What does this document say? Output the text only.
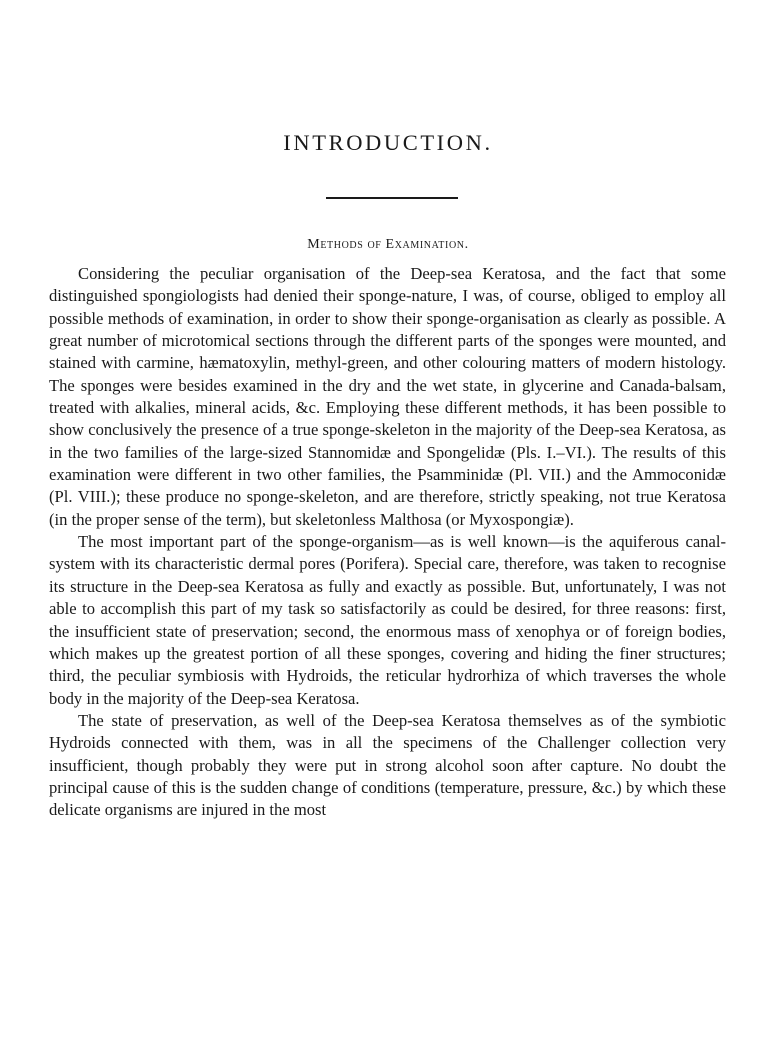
INTRODUCTION.
Methods of Examination.

Considering the peculiar organisation of the Deep-sea Keratosa, and the fact that some distinguished spongiologists had denied their sponge-nature, I was, of course, obliged to employ all possible methods of examination, in order to show their sponge-organisation as clearly as possible. A great number of microtomical sections through the different parts of the sponges were mounted, and stained with carmine, hæmatoxylin, methyl-green, and other colouring matters of modern histology. The sponges were besides examined in the dry and the wet state, in glycerine and Canada-balsam, treated with alkalies, mineral acids, &c. Employing these different methods, it has been possible to show conclusively the presence of a true sponge-skeleton in the majority of the Deep-sea Keratosa, as in the two families of the large-sized Stannomidæ and Spongelidæ (Pls. I.–VI.). The results of this examination were different in two other families, the Psamminidæ (Pl. VII.) and the Ammoconidæ (Pl. VIII.); these produce no sponge-skeleton, and are therefore, strictly speaking, not true Keratosa (in the proper sense of the term), but skeletonless Malthosa (or Myxospongiæ).

The most important part of the sponge-organism—as is well known—is the aquiferous canal-system with its characteristic dermal pores (Porifera). Special care, therefore, was taken to recognise its structure in the Deep-sea Keratosa as fully and exactly as possible. But, unfortunately, I was not able to accomplish this part of my task so satisfactorily as could be desired, for three reasons: first, the insufficient state of preservation; second, the enormous mass of xenophya or of foreign bodies, which makes up the greatest portion of all these sponges, covering and hiding the finer structures; third, the peculiar symbiosis with Hydroids, the reticular hydrorhiza of which traverses the whole body in the majority of the Deep-sea Keratosa.

The state of preservation, as well of the Deep-sea Keratosa themselves as of the symbiotic Hydroids connected with them, was in all the specimens of the Challenger collection very insufficient, though probably they were put in strong alcohol soon after capture. No doubt the principal cause of this is the sudden change of conditions (temperature, pressure, &c.) by which these delicate organisms are injured in the most
